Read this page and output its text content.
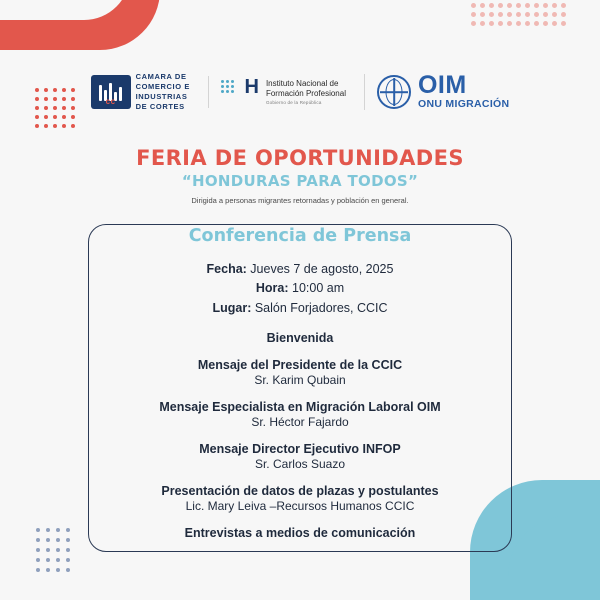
cc
CAMARA DE
COMERCIO E
INDUSTRIAS
DE CORTES
H Instituto Nacional de
Formación Profesional
Gobierno de la República
OIM
ONU MIGRACIÓN
FERIA DE OPORTUNIDADES
“HONDURAS PARA TODOS”
Dirigida a personas migrantes retornadas y población en general.
Conferencia de Prensa
Fecha: Jueves 7 de agosto, 2025
Hora: 10:00 am
Lugar: Salón Forjadores, CCIC
Bienvenida
Mensaje del Presidente de la CCIC
Sr. Karim Qubain
Mensaje Especialista en Migración Laboral OIM
Sr. Héctor Fajardo
Mensaje Director Ejecutivo INFOP
Sr. Carlos Suazo
Presentación de datos de plazas y postulantes
Lic. Mary Leiva –Recursos Humanos CCIC
Entrevistas a medios de comunicación
